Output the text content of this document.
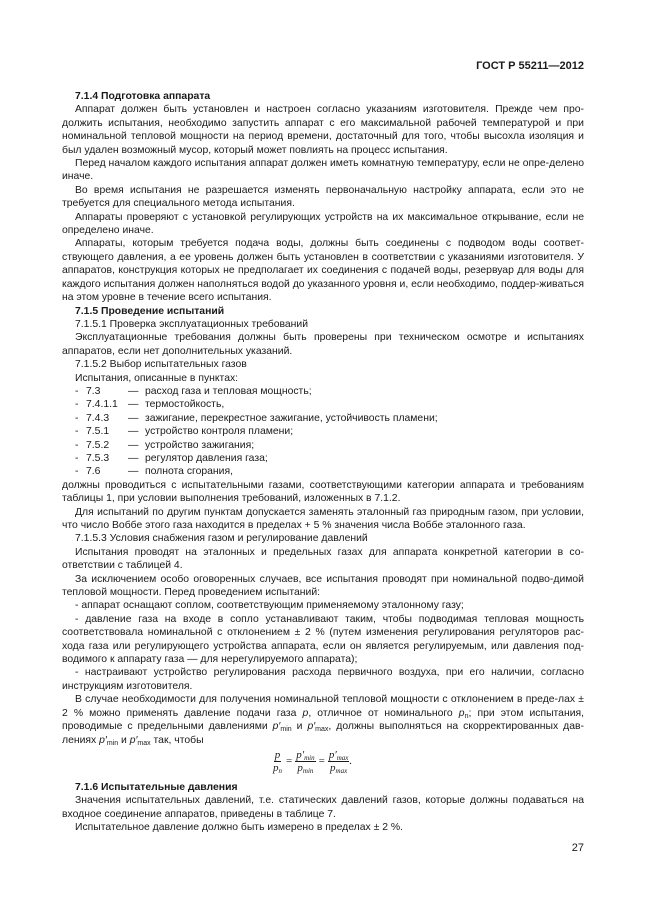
ГОСТ Р 55211—2012

7.1.4 Подготовка аппарата

Аппарат должен быть установлен и настроен согласно указаниям изготовителя. Прежде чем про-должить испытания, необходимо запустить аппарат с его максимальной рабочей температурой и при номинальной тепловой мощности на период времени, достаточный для того, чтобы высохла изоляция и был удален возможный мусор, который может повлиять на процесс испытания.

Перед началом каждого испытания аппарат должен иметь комнатную температуру, если не опре-делено иначе.

Во время испытания не разрешается изменять первоначальную настройку аппарата, если это не требуется для специального метода испытания.

Аппараты проверяют с установкой регулирующих устройств на их максимальное открывание, если не определено иначе.

Аппараты, которым требуется подача воды, должны быть соединены с подводом воды соответ-ствующего давления, а ее уровень должен быть установлен в соответствии с указаниями изготовителя. У аппаратов, конструкция которых не предполагает их соединения с подачей воды, резервуар для воды для каждого испытания должен наполняться водой до указанного уровня и, если необходимо, поддер-живаться на этом уровне в течение всего испытания.

7.1.5 Проведение испытаний

7.1.5.1 Проверка эксплуатационных требований

Эксплуатационные требования должны быть проверены при техническом осмотре и испытаниях аппаратов, если нет дополнительных указаний.

7.1.5.2 Выбор испытательных газов

Испытания, описанные в пунктах:

- 7.3	— расход газа и тепловая мощность;
- 7.4.1.1 — термостойкость,
- 7.4.3	— зажигание, перекрестное зажигание, устойчивость пламени;
- 7.5.1	— устройство контроля пламени;
- 7.5.2	— устройство зажигания;
- 7.5.3	— регулятор давления газа;
- 7.6	— полнота сгорания,

должны проводиться с испытательными газами, соответствующими категории аппарата и требованиям таблицы 1, при условии выполнения требований, изложенных в 7.1.2.

Для испытаний по другим пунктам допускается заменять эталонный газ природным газом, при условии, что число Воббе этого газа находится в пределах + 5 % значения числа Воббе эталонного газа.

7.1.5.3 Условия снабжения газом и регулирование давлений

Испытания проводят на эталонных и предельных газах для аппарата конкретной категории в со-ответствии с таблицей 4.

За исключением особо оговоренных случаев, все испытания проводят при номинальной подво-димой тепловой мощности. Перед проведением испытаний:

- аппарат оснащают соплом, соответствующим применяемому эталонному газу;

- давление газа на входе в сопло устанавливают таким, чтобы подводимая тепловая мощность соответствовала номинальной с отклонением ± 2 % (путем изменения регулирования регуляторов рас-хода газа или регулирующего устройства аппарата, если он является регулируемым, или давления под-водимого к аппарату газа — для нерегулируемого аппарата);

- настраивают устройство регулирования расхода первичного воздуха, при его наличии, согласно инструкциям изготовителя.

В случае необходимости для получения номинальной тепловой мощности с отклонением в преде-лах ± 2 % можно применять давление подачи газа p, отличное от номинального $p_n$; при этом испытания, проводимые с предельными давлениями $p'_{min}$ и $p'_{max}$, должны выполняться на скорректированных дав-лениях $p'_{min}$ и $p'_{max}$ так, чтобы

$\frac{p}{p_n} = p'_{min}$
$p_{min}$
= $p'_{max}$
$p_{max}$
.

7.1.6 Испытательные давления

Значения испытательных давлений, т.е. статических давлений газов, которые должны подаваться на входное соединение аппаратов, приведены в таблице 7.

Испытательное давление должно быть измерено в пределах ± 2 %.

27
